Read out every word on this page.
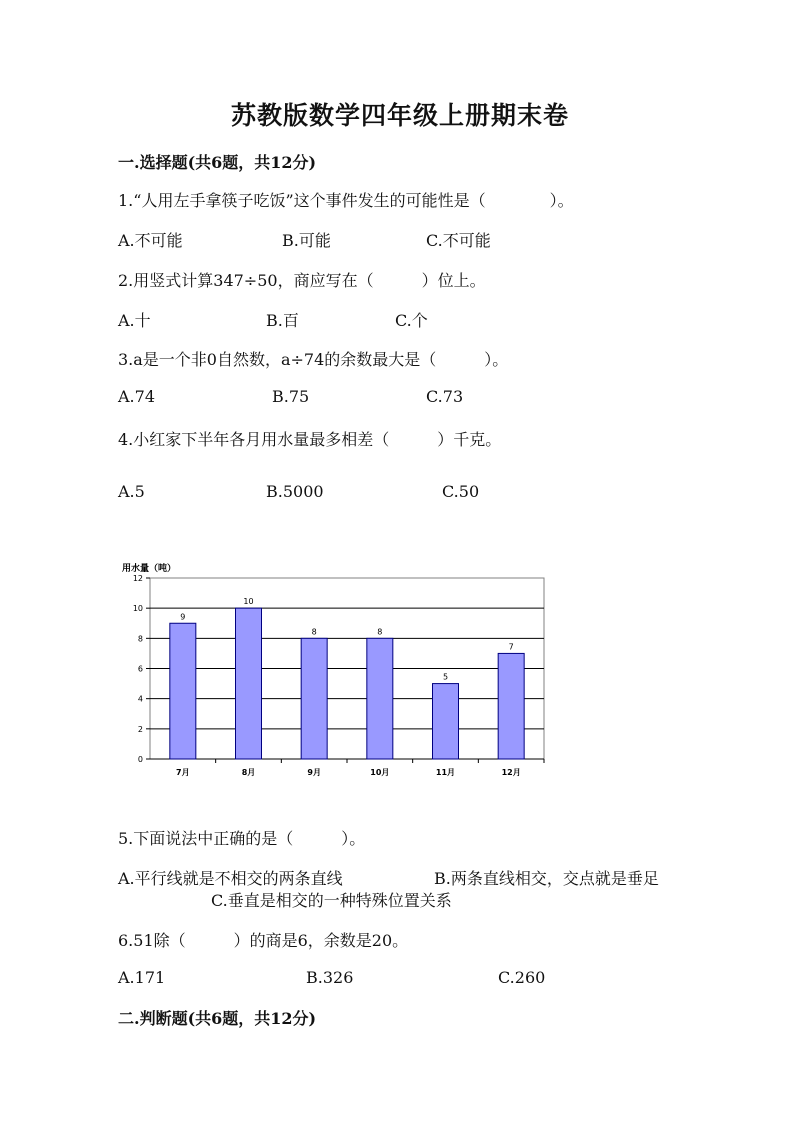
苏教版数学四年级上册期末卷
一.选择题(共6题，共12分)
1.“人用左手拿筷子吃饭”这个事件发生的可能性是（　　　　）。
A.不可能	B.可能	C.不可能
2.用竖式计算347÷50，商应写在（　　　）位上。
A.十	B.百	C.个
3.a是一个非0自然数，a÷74的余数最大是（　　　）。
A.74	B.75	C.73
4.小红家下半年各月用水量最多相差（　　　）千克。
A.5	B.5000	C.50
用水量（吨）
0
2
4
6
8
10
12
9
7月
10
8月
8
9月
8
10月
5
11月
7
12月
5.下面说法中正确的是（　　　）。
A.平行线就是不相交的两条直线	B.两条直线相交，交点就是垂足
C.垂直是相交的一种特殊位置关系
6.51除（　　　）的商是6，余数是20。
A.171	B.326	C.260
二.判断题(共6题，共12分)
